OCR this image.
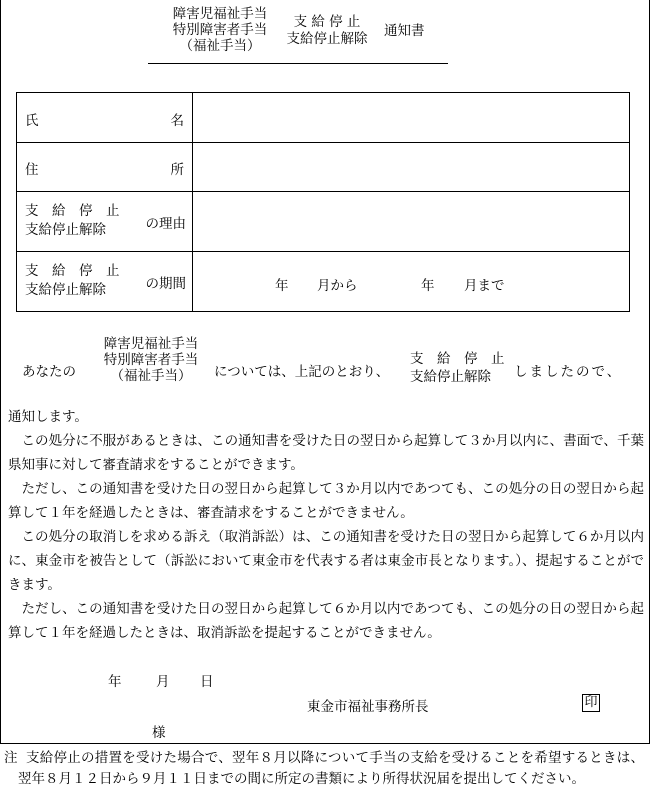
障害児福祉手当
特別障害者手当
（福祉手当）
支 給 停 止
支給停止解除	通知書
氏	名
住	所
支　給　停　止
支給停止解除	の理由
支　給　停　止
支給停止解除	の期間	年 月から	年 月まで
あなたの
障害児福祉手当
特別障害者手当
（福祉手当）	については、上記のとおり、
支　給　停　止
支給停止解除	しましたので、

通知します。

この処分に不服があるときは、この通知書を受けた日の翌日から起算して３か月以内に、書面で、千葉県知事に対して審査請求をすることができます。

ただし、この通知書を受けた日の翌日から起算して３か月以内であつても、この処分の日の翌日から起算して１年を経過したときは、審査請求をすることができません。

この処分の取消しを求める訴え（取消訴訟）は、この通知書を受けた日の翌日から起算して６か月以内に、東金市を被告として（訴訟において東金市を代表する者は東金市長となります。）、提起することができます。

ただし、この通知書を受けた日の翌日から起算して６か月以内であつても、この処分の日の翌日から起算して１年を経過したときは、取消訴訟を提起することができません。

年	月 日
東金市福祉事務所長	印
様
注 支給停止の措置を受けた場合で、翌年８月以降について手当の支給を受けることを希望するときは、翌年８月１２日から９月１１日までの間に所定の書類により所得状況届を提出してください。
